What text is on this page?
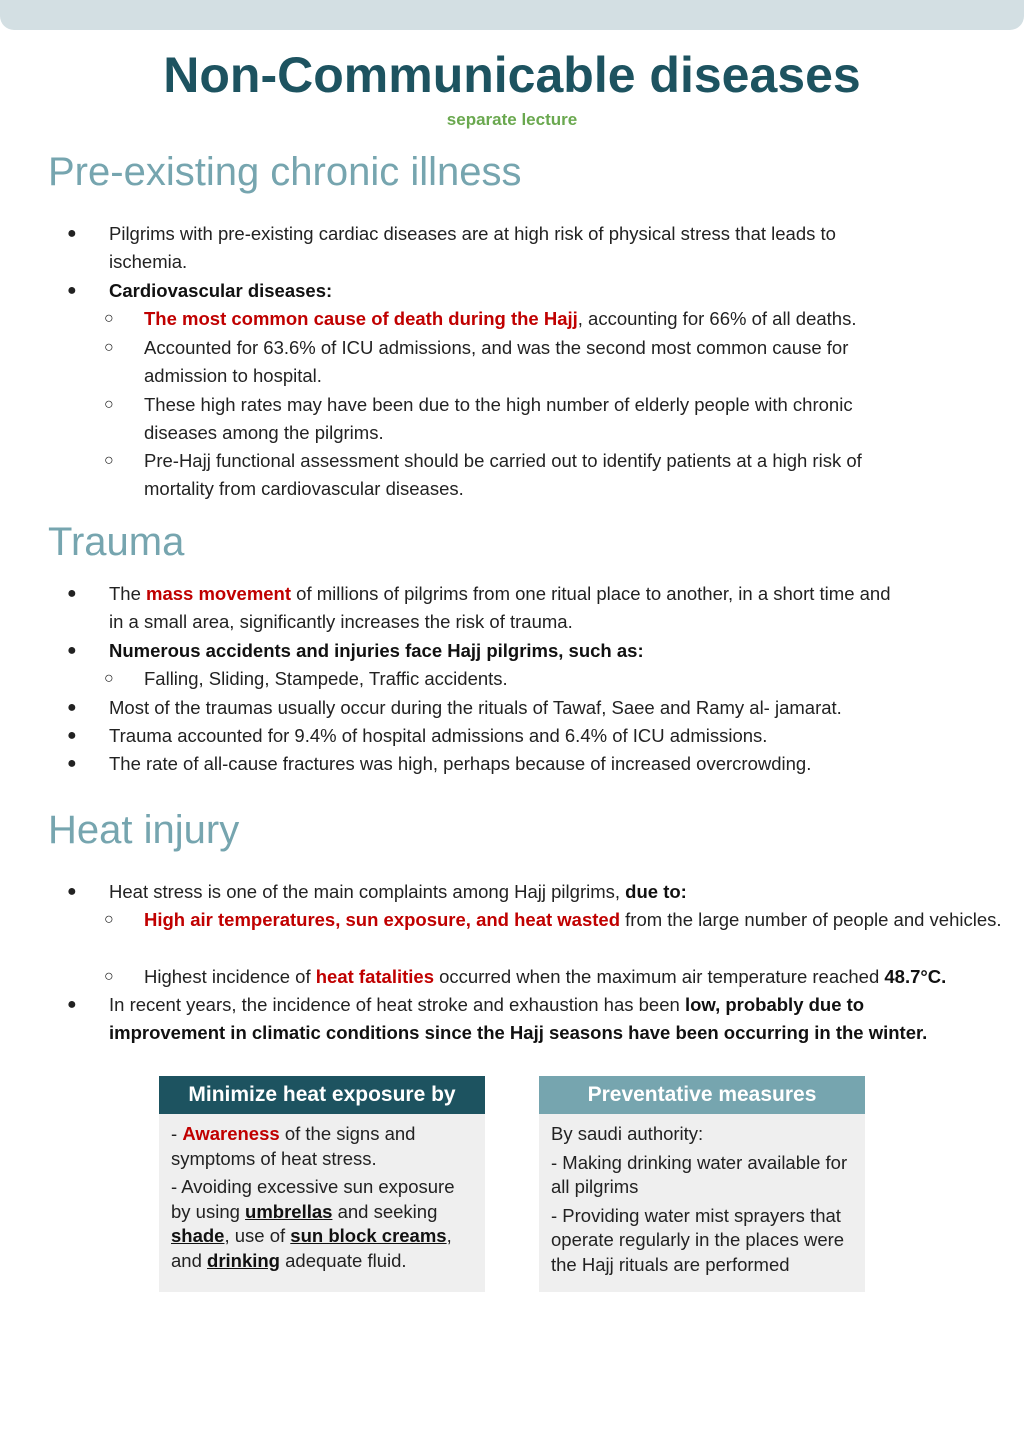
Non-Communicable diseases
separate lecture
Pre-existing chronic illness
● Pilgrims with pre-existing cardiac diseases are at high risk of physical stress that leads to ischemia.

● Cardiovascular diseases:

○ The most common cause of death during the Hajj, accounting for 66% of all deaths.

○ Accounted for 63.6% of ICU admissions, and was the second most common cause for admission to hospital.

○ These high rates may have been due to the high number of elderly people with chronic diseases among the pilgrims.

○ Pre-Hajj functional assessment should be carried out to identify patients at a high risk of mortality from cardiovascular diseases.

Trauma
● The mass movement of millions of pilgrims from one ritual place to another, in a short time and in a small area, significantly increases the risk of trauma.

● Numerous accidents and injuries face Hajj pilgrims, such as:

○ Falling, Sliding, Stampede, Traffic accidents.

● Most of the traumas usually occur during the rituals of Tawaf, Saee and Ramy al- jamarat.

● Trauma accounted for 9.4% of hospital admissions and 6.4% of ICU admissions.

● The rate of all-cause fractures was high, perhaps because of increased overcrowding.

Heat injury
● Heat stress is one of the main complaints among Hajj pilgrims, due to:

○ High air temperatures, sun exposure, and heat wasted from the large number of people and vehicles.

○ Highest incidence of heat fatalities occurred when the maximum air temperature reached 48.7°C.

● In recent years, the incidence of heat stroke and exhaustion has been low, probably due to improvement in climatic conditions since the Hajj seasons have been occurring in the winter.

Minimize heat exposure by

- Awareness of the signs and symptoms of heat stress.

- Avoiding excessive sun exposure by using umbrellas and seeking shade, use of sun block creams, and drinking adequate fluid.

Preventative measures

By saudi authority:

- Making drinking water available for all pilgrims

- Providing water mist sprayers that operate regularly in the places were the Hajj rituals are performed
